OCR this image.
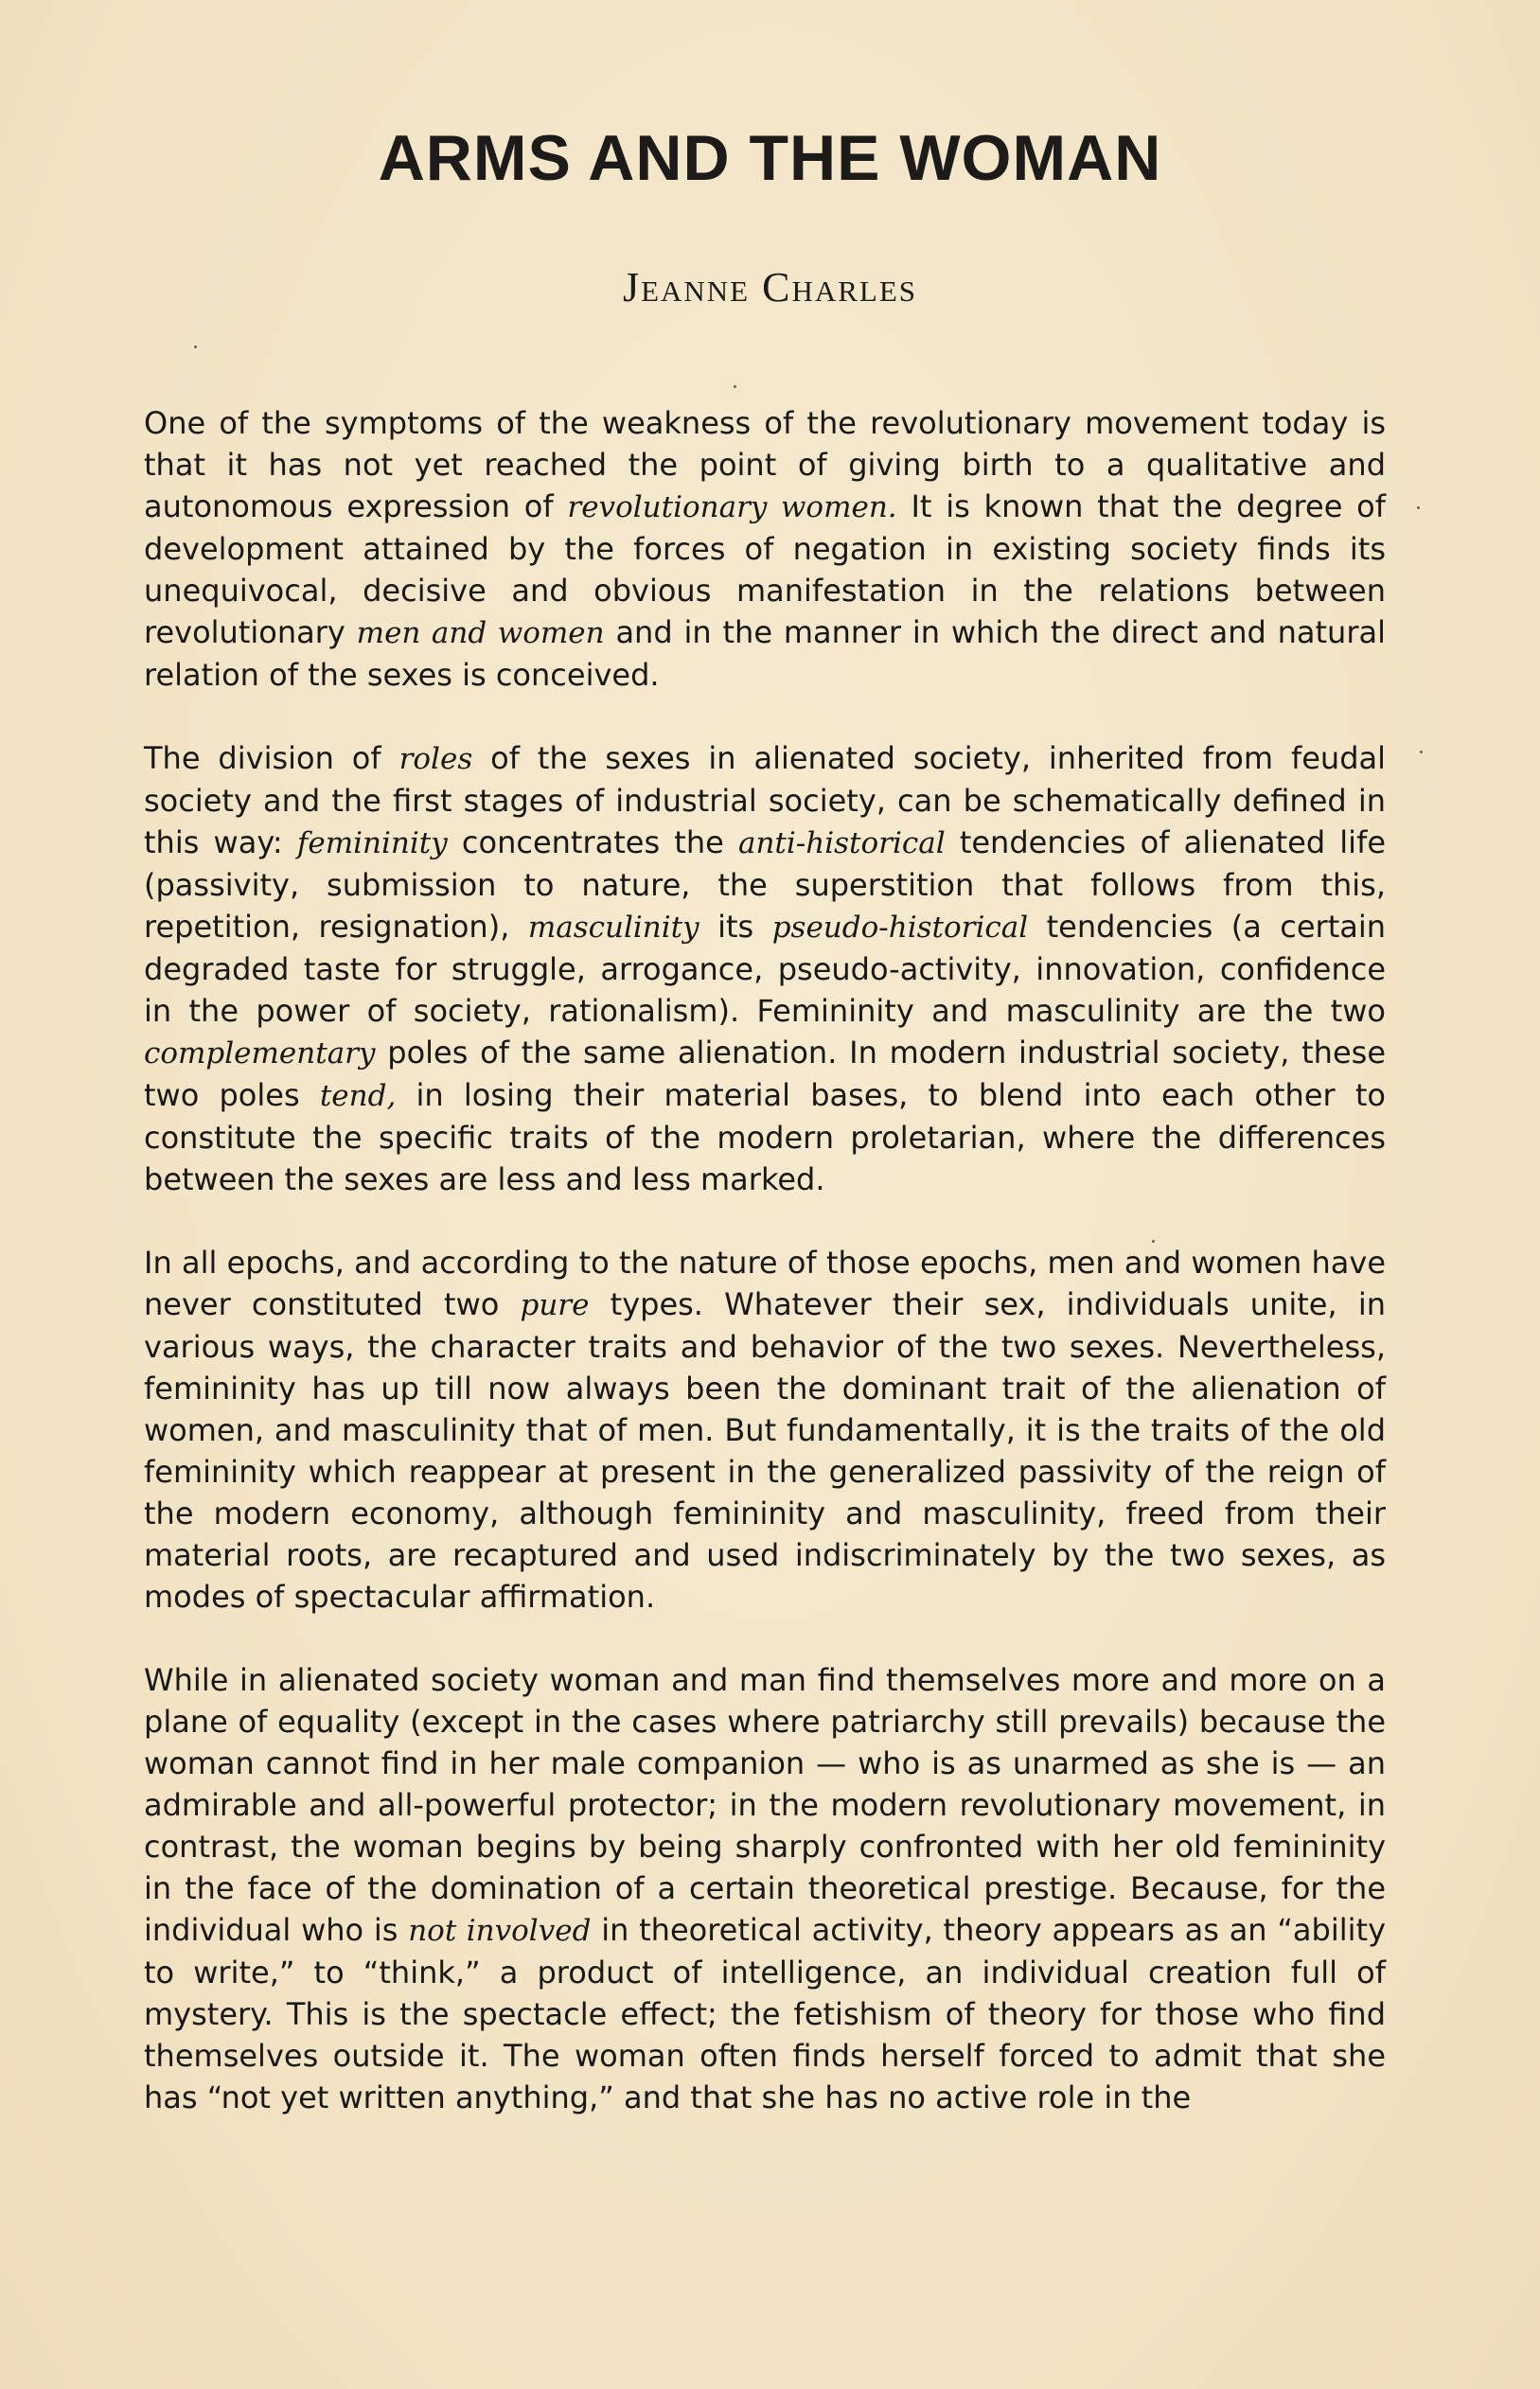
ARMS AND THE WOMAN
Jeanne Charles

One of the symptoms of the weakness of the revolutionary movement today is that it has not yet reached the point of giving birth to a qualitative and autonomous expression of revolutionary women. It is known that the degree of development attained by the forces of negation in existing society finds its unequivocal, decisive and obvious manifestation in the relations between revolutionary men and women and in the manner in which the direct and natural relation of the sexes is conceived.

The division of roles of the sexes in alienated society, inherited from feudal society and the first stages of industrial society, can be schematically defined in this way: femininity concentrates the anti-historical tendencies of alienated life (passivity, submission to nature, the superstition that follows from this, repetition, resignation), masculinity its pseudo-historical tendencies (a certain degraded taste for struggle, arrogance, pseudo-activity, innovation, confidence in the power of society, rationalism). Femininity and masculinity are the two complementary poles of the same alienation. In modern industrial society, these two poles tend, in losing their material bases, to blend into each other to constitute the specific traits of the modern proletarian, where the differences between the sexes are less and less marked.

In all epochs, and according to the nature of those epochs, men and women have never constituted two pure types. Whatever their sex, individuals unite, in various ways, the character traits and behavior of the two sexes. Nevertheless, femininity has up till now always been the dominant trait of the alienation of women, and masculinity that of men. But fundamentally, it is the traits of the old femininity which reappear at present in the generalized passivity of the reign of the modern economy, although femininity and masculinity, freed from their material roots, are recaptured and used indiscriminately by the two sexes, as modes of spectacular affirmation.

While in alienated society woman and man find themselves more and more on a plane of equality (except in the cases where patriarchy still prevails) because the woman cannot find in her male companion — who is as unarmed as she is — an admirable and all-powerful protector; in the modern revolutionary movement, in contrast, the woman begins by being sharply confronted with her old femininity in the face of the domination of a certain theoretical prestige. Because, for the individual who is not involved in theoretical activity, theory appears as an “ability to write,” to “think,” a product of intelligence, an individual creation full of mystery. This is the spectacle effect; the fetishism of theory for those who find themselves outside it. The woman often finds herself forced to admit that she has “not yet written anything,” and that she has no active role in the
